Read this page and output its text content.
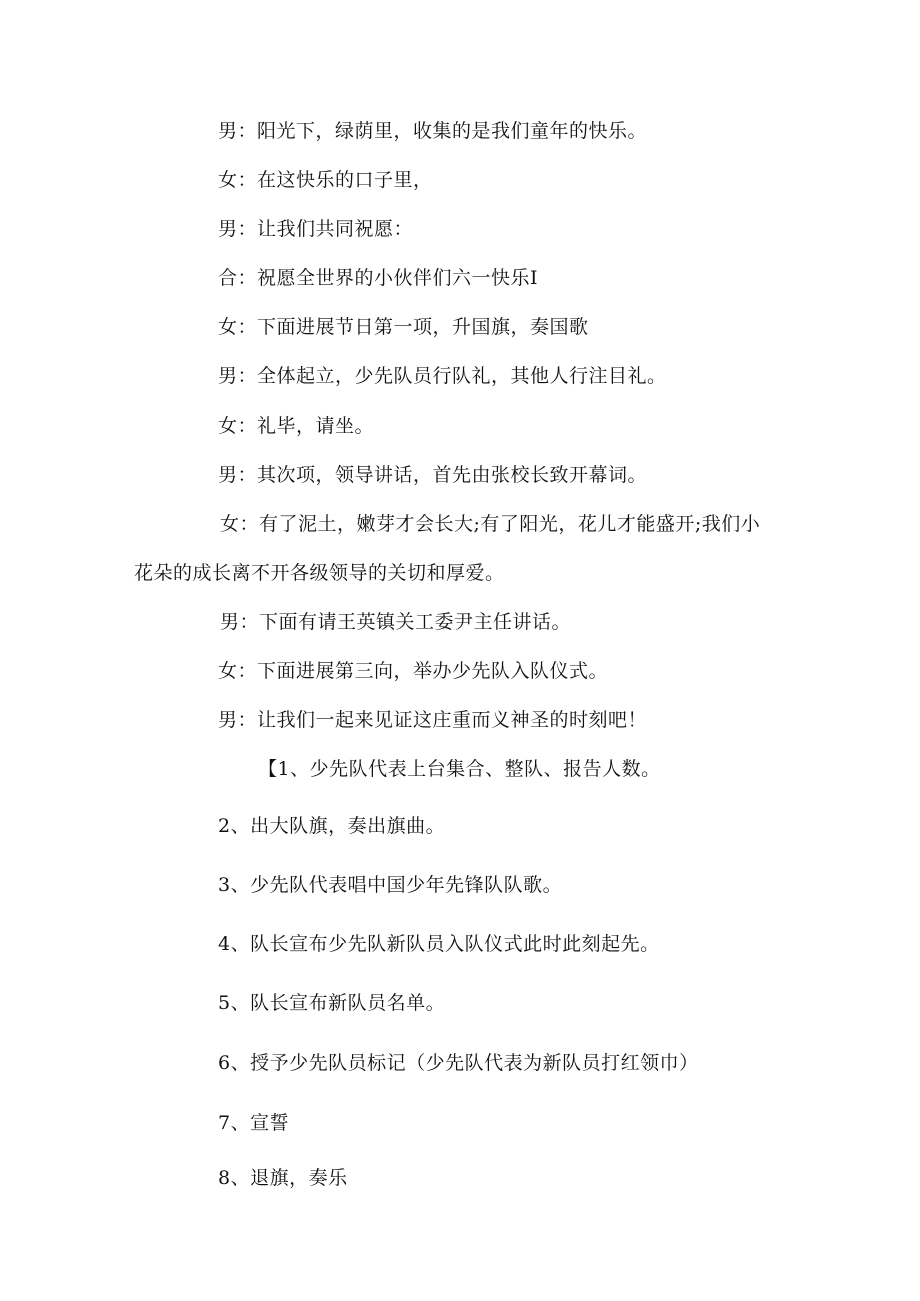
男：阳光下，绿荫里，收集的是我们童年的快乐。
女：在这快乐的口子里，
男：让我们共同祝愿：
合：祝愿全世界的小伙伴们六一快乐I
女：下面进展节日第一项，升国旗，奏国歌
男：全体起立，少先队员行队礼，其他人行注目礼。
女：礼毕，请坐。
男：其次项，领导讲话，首先由张校长致开幕词。
女：有了泥土，嫩芽才会长大;有了阳光，花儿才能盛开;我们小
花朵的成长离不开各级领导的关切和厚爱。
男：下面有请王英镇关工委尹主任讲话。
女：下面进展第三向，举办少先队入队仪式。
男：让我们一起来见证这庄重而义神圣的时刻吧！
【1、少先队代表上台集合、整队、报告人数。
2、出大队旗，奏出旗曲。
3、少先队代表唱中国少年先锋队队歌。
4、队长宣布少先队新队员入队仪式此时此刻起先。
5、队长宣布新队员名单。
6、授予少先队员标记（少先队代表为新队员打红领巾）
7、宣誓
8、退旗，奏乐
